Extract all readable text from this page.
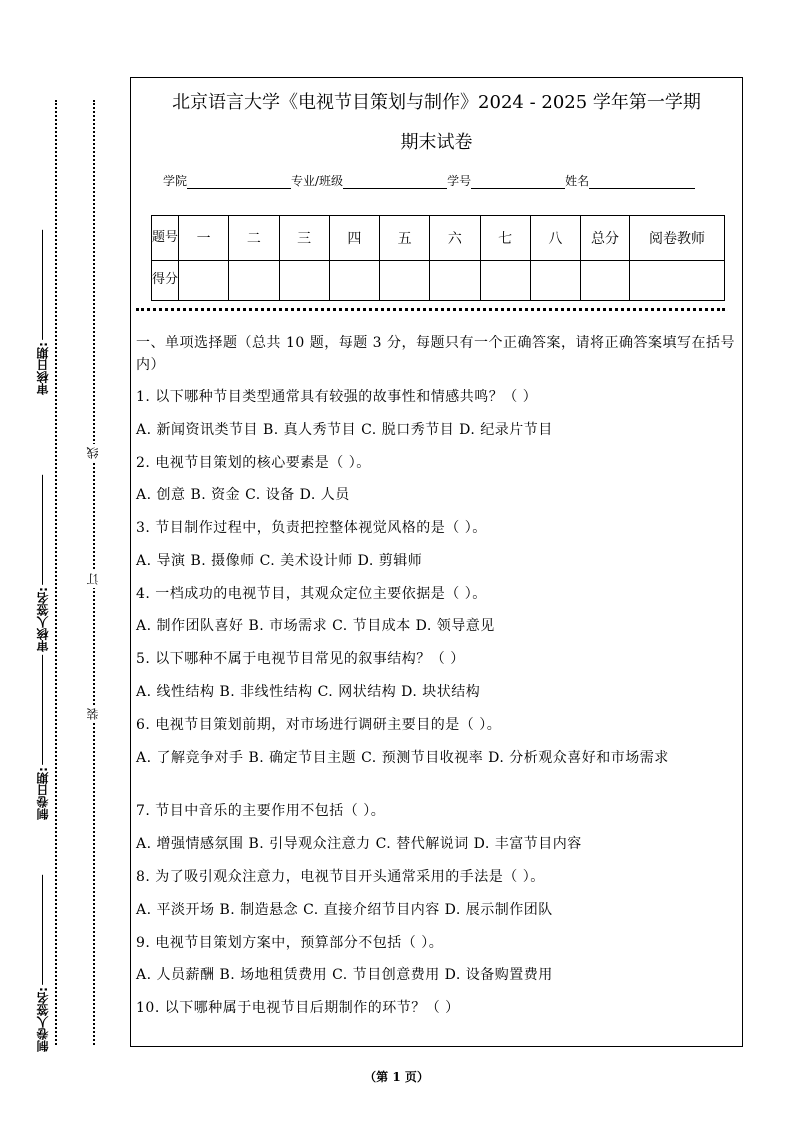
审核日期:
审核人签名:
制卷日期:
制卷人签名:
线
订
装
北京语言大学《电视节目策划与制作》2024 - 2025 学年第一学期
期末试卷
学院	专业/班级	学号	姓名
题号	一	二	三	四	五	六	七	八	总分	阅卷教师
得分										
一、单项选择题（总共 10 题，每题 3 分，每题只有一个正确答案，请将正确答案填写在括号内）
1. 以下哪种节目类型通常具有较强的故事性和情感共鸣？（ ）
A. 新闻资讯类节目 B. 真人秀节目 C. 脱口秀节目 D. 纪录片节目
2. 电视节目策划的核心要素是（ ）。
A. 创意 B. 资金 C. 设备 D. 人员
3. 节目制作过程中，负责把控整体视觉风格的是（ ）。
A. 导演 B. 摄像师 C. 美术设计师 D. 剪辑师
4. 一档成功的电视节目，其观众定位主要依据是（ ）。
A. 制作团队喜好 B. 市场需求 C. 节目成本 D. 领导意见
5. 以下哪种不属于电视节目常见的叙事结构？（ ）
A. 线性结构 B. 非线性结构 C. 网状结构 D. 块状结构
6. 电视节目策划前期，对市场进行调研主要目的是（ ）。
A. 了解竞争对手 B. 确定节目主题 C. 预测节目收视率 D. 分析观众喜好和市场需求
7. 节目中音乐的主要作用不包括（ ）。
A. 增强情感氛围 B. 引导观众注意力 C. 替代解说词 D. 丰富节目内容
8. 为了吸引观众注意力，电视节目开头通常采用的手法是（ ）。
A. 平淡开场 B. 制造悬念 C. 直接介绍节目内容 D. 展示制作团队
9. 电视节目策划方案中，预算部分不包括（ ）。
A. 人员薪酬 B. 场地租赁费用 C. 节目创意费用 D. 设备购置费用
10. 以下哪种属于电视节目后期制作的环节？（ ）
（第 1 页）
